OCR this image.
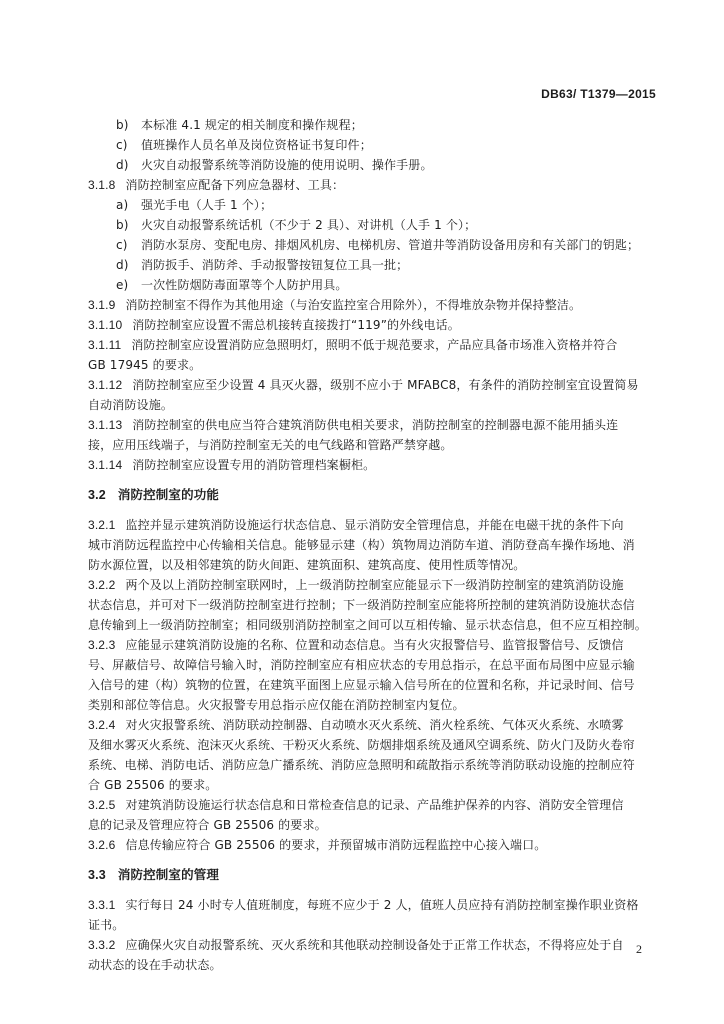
DB63/ T1379—2015
b) 本标准 4.1 规定的相关制度和操作规程；
c) 值班操作人员名单及岗位资格证书复印件；
d) 火灾自动报警系统等消防设施的使用说明、操作手册。
3.1.8 消防控制室应配备下列应急器材、工具：
a) 强光手电（人手 1 个）；
b) 火灾自动报警系统话机（不少于 2 具）、对讲机（人手 1 个）；
c) 消防水泵房、变配电房、排烟风机房、电梯机房、管道井等消防设备用房和有关部门的钥匙；
d) 消防扳手、消防斧、手动报警按钮复位工具一批；
e) 一次性防烟防毒面罩等个人防护用具。
3.1.9 消防控制室不得作为其他用途（与治安监控室合用除外），不得堆放杂物并保持整洁。
3.1.10 消防控制室应设置不需总机接转直接拨打“119”的外线电话。
3.1.11 消防控制室应设置消防应急照明灯，照明不低于规范要求，产品应具备市场准入资格并符合
GB 17945 的要求。
3.1.12 消防控制室应至少设置 4 具灭火器，级别不应小于 MFABC8，有条件的消防控制室宜设置简易
自动消防设施。
3.1.13 消防控制室的供电应当符合建筑消防供电相关要求，消防控制室的控制器电源不能用插头连
接，应用压线端子，与消防控制室无关的电气线路和管路严禁穿越。
3.1.14 消防控制室应设置专用的消防管理档案橱柜。
3.2 消防控制室的功能
3.2.1 监控并显示建筑消防设施运行状态信息、显示消防安全管理信息，并能在电磁干扰的条件下向
城市消防远程监控中心传输相关信息。能够显示建（构）筑物周边消防车道、消防登高车操作场地、消
防水源位置，以及相邻建筑的防火间距、建筑面积、建筑高度、使用性质等情况。
3.2.2 两个及以上消防控制室联网时，上一级消防控制室应能显示下一级消防控制室的建筑消防设施
状态信息，并可对下一级消防控制室进行控制；下一级消防控制室应能将所控制的建筑消防设施状态信
息传输到上一级消防控制室；相同级别消防控制室之间可以互相传输、显示状态信息，但不应互相控制。
3.2.3 应能显示建筑消防设施的名称、位置和动态信息。当有火灾报警信号、监管报警信号、反馈信
号、屏蔽信号、故障信号输入时，消防控制室应有相应状态的专用总指示，在总平面布局图中应显示输
入信号的建（构）筑物的位置，在建筑平面图上应显示输入信号所在的位置和名称，并记录时间、信号
类别和部位等信息。火灾报警专用总指示应仅能在消防控制室内复位。
3.2.4 对火灾报警系统、消防联动控制器、自动喷水灭火系统、消火栓系统、气体灭火系统、水喷雾
及细水雾灭火系统、泡沫灭火系统、干粉灭火系统、防烟排烟系统及通风空调系统、防火门及防火卷帘
系统、电梯、消防电话、消防应急广播系统、消防应急照明和疏散指示系统等消防联动设施的控制应符
合 GB 25506 的要求。
3.2.5 对建筑消防设施运行状态信息和日常检查信息的记录、产品维护保养的内容、消防安全管理信
息的记录及管理应符合 GB 25506 的要求。
3.2.6 信息传输应符合 GB 25506 的要求，并预留城市消防远程监控中心接入端口。
3.3 消防控制室的管理
3.3.1 实行每日 24 小时专人值班制度，每班不应少于 2 人，值班人员应持有消防控制室操作职业资格
证书。
3.3.2 应确保火灾自动报警系统、灭火系统和其他联动控制设备处于正常工作状态，不得将应处于自
动状态的设在手动状态。
2
